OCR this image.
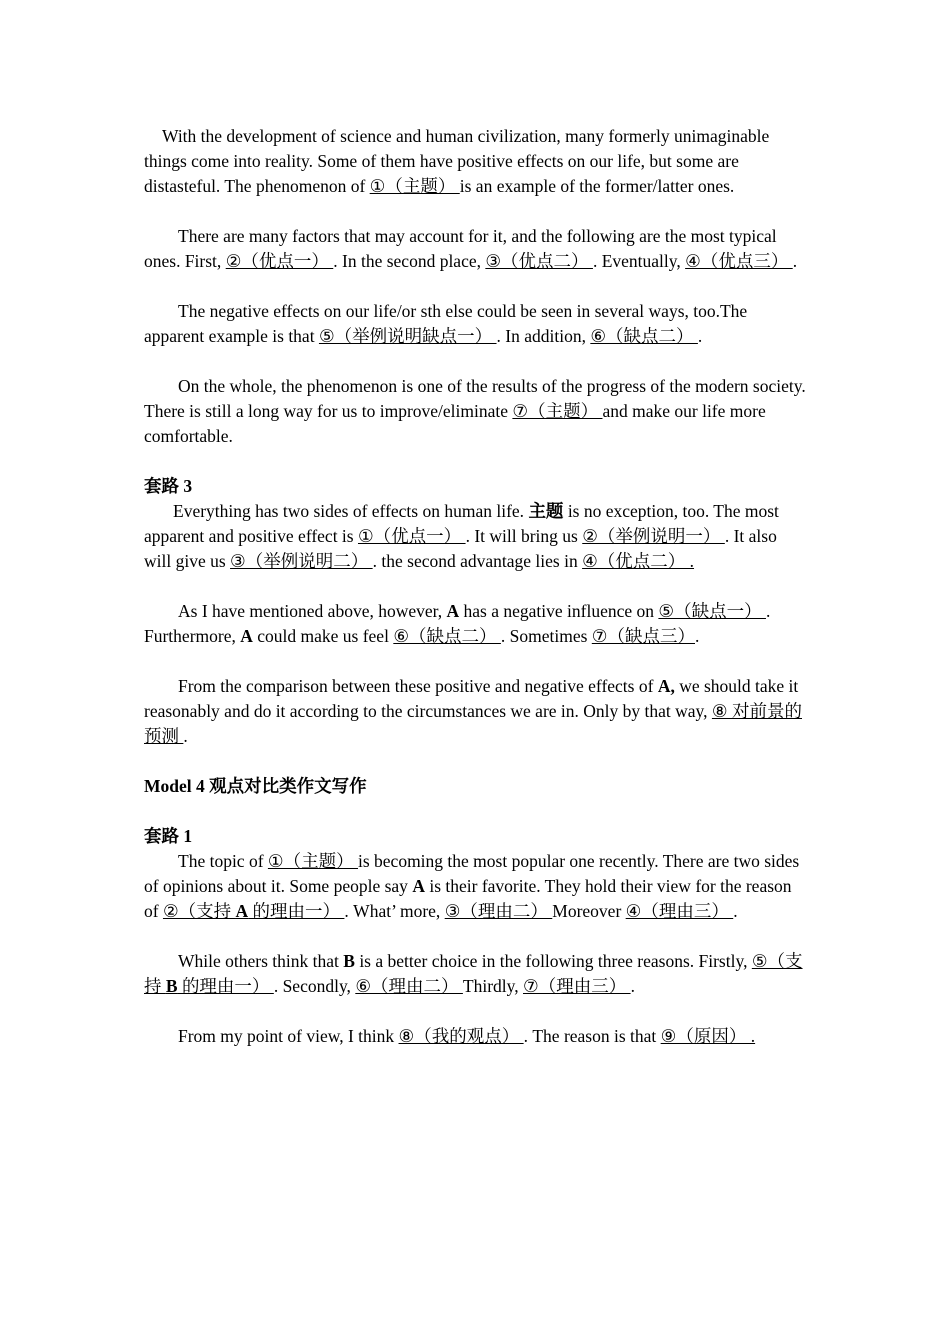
With the development of science and human civilization, many formerly unimaginable things come into reality. Some of them have positive effects on our life, but some are distasteful. The phenomenon of ①（主题） is an example of the former/latter ones.

There are many factors that may account for it, and the following are the most typical ones. First, ②（优点一） . In the second place, ③（优点二） . Eventually, ④（优点三） .

The negative effects on our life/or sth else could be seen in several ways, too.The apparent example is that ⑤（举例说明缺点一） . In addition, ⑥（缺点二） .

On the whole, the phenomenon is one of the results of the progress of the modern society. There is still a long way for us to improve/eliminate ⑦（主题） and make our life more comfortable.

套路 3

Everything has two sides of effects on human life. 主题 is no exception, too. The most apparent and positive effect is ①（优点一） . It will bring us ②（举例说明一） . It also will give us ③（举例说明二） . the second advantage lies in ④（优点二） .

As I have mentioned above, however, A has a negative influence on ⑤（缺点一） . Furthermore, A could make us feel ⑥（缺点二） . Sometimes ⑦（缺点三）.

From the comparison between these positive and negative effects of A, we should take it reasonably and do it according to the circumstances we are in. Only by that way, ⑧ 对前景的预测 .

Model 4 观点对比类作文写作

套路 1

The topic of ①（主题） is becoming the most popular one recently. There are two sides of opinions about it. Some people say A is their favorite. They hold their view for the reason of ②（支持 A 的理由一） . What’ more, ③（理由二） Moreover ④（理由三） .

While others think that B is a better choice in the following three reasons. Firstly, ⑤（支持 B 的理由一） . Secondly, ⑥（理由二） Thirdly, ⑦（理由三） .

From my point of view, I think ⑧（我的观点） . The reason is that ⑨（原因） .
